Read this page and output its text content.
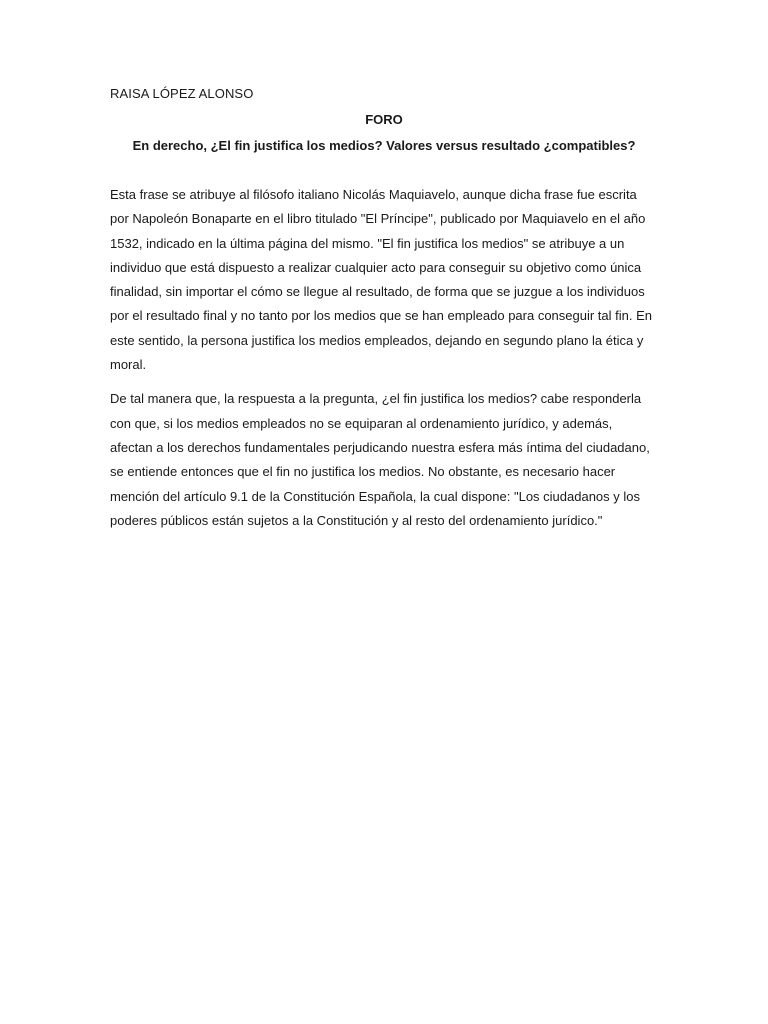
RAISA LÓPEZ ALONSO
FORO
En derecho, ¿El fin justifica los medios? Valores versus resultado ¿compatibles?

Esta frase se atribuye al filósofo italiano Nicolás Maquiavelo, aunque dicha frase fue escrita por Napoleón Bonaparte en el libro titulado "El Príncipe", publicado por Maquiavelo en el año 1532, indicado en la última página del mismo. "El fin justifica los medios" se atribuye a un individuo que está dispuesto a realizar cualquier acto para conseguir su objetivo como única finalidad, sin importar el cómo se llegue al resultado, de forma que se juzgue a los individuos por el resultado final y no tanto por los medios que se han empleado para conseguir tal fin. En este sentido, la persona justifica los medios empleados, dejando en segundo plano la ética y moral.

De tal manera que, la respuesta a la pregunta, ¿el fin justifica los medios? cabe responderla con que, si los medios empleados no se equiparan al ordenamiento jurídico, y además, afectan a los derechos fundamentales perjudicando nuestra esfera más íntima del ciudadano, se entiende entonces que el fin no justifica los medios. No obstante, es necesario hacer mención del artículo 9.1 de la Constitución Española, la cual dispone: "Los ciudadanos y los poderes públicos están sujetos a la Constitución y al resto del ordenamiento jurídico."
